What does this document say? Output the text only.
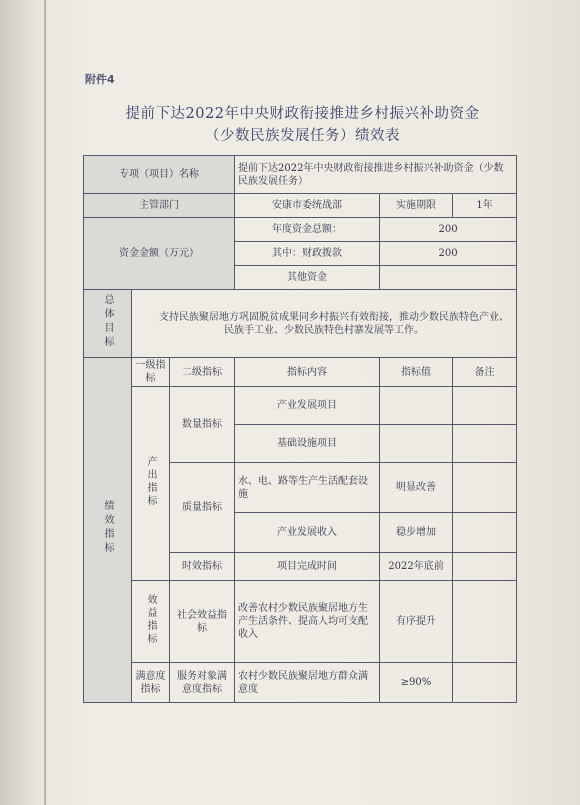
附件4
提前下达2022年中央财政衔接推进乡村振兴补助资金
（少数民族发展任务）绩效表
专项（项目）名称			提前下达2022年中央财政衔接推进乡村振兴补助资金（少数民族发展任务）		
主管部门			安康市委统战部	实施期限	1年
资金金额（万元）			年度资金总额：	200	
			其中：财政拨款	200	
			其他资金		
总体目标	支持民族聚居地方巩固脱贫成果同乡村振兴有效衔接，推动少数民族特色产业、民族手工业、少数民族特色村寨发展等工作。				
绩效指标	一级指标	二级指标	指标内容	指标值	备注
	产出指标	数量指标	产业发展项目		
			基础设施项目		
		质量指标	水、电、路等生产生活配套设施	明显改善	
			产业发展收入	稳步增加	
		时效指标	项目完成时间	2022年底前	
	效益指标	社会效益指标	改善农村少数民族聚居地方生产生活条件、提高人均可支配收入	有序提升	
	满意度指标	服务对象满意度指标	农村少数民族聚居地方群众满意度	≥90%	
